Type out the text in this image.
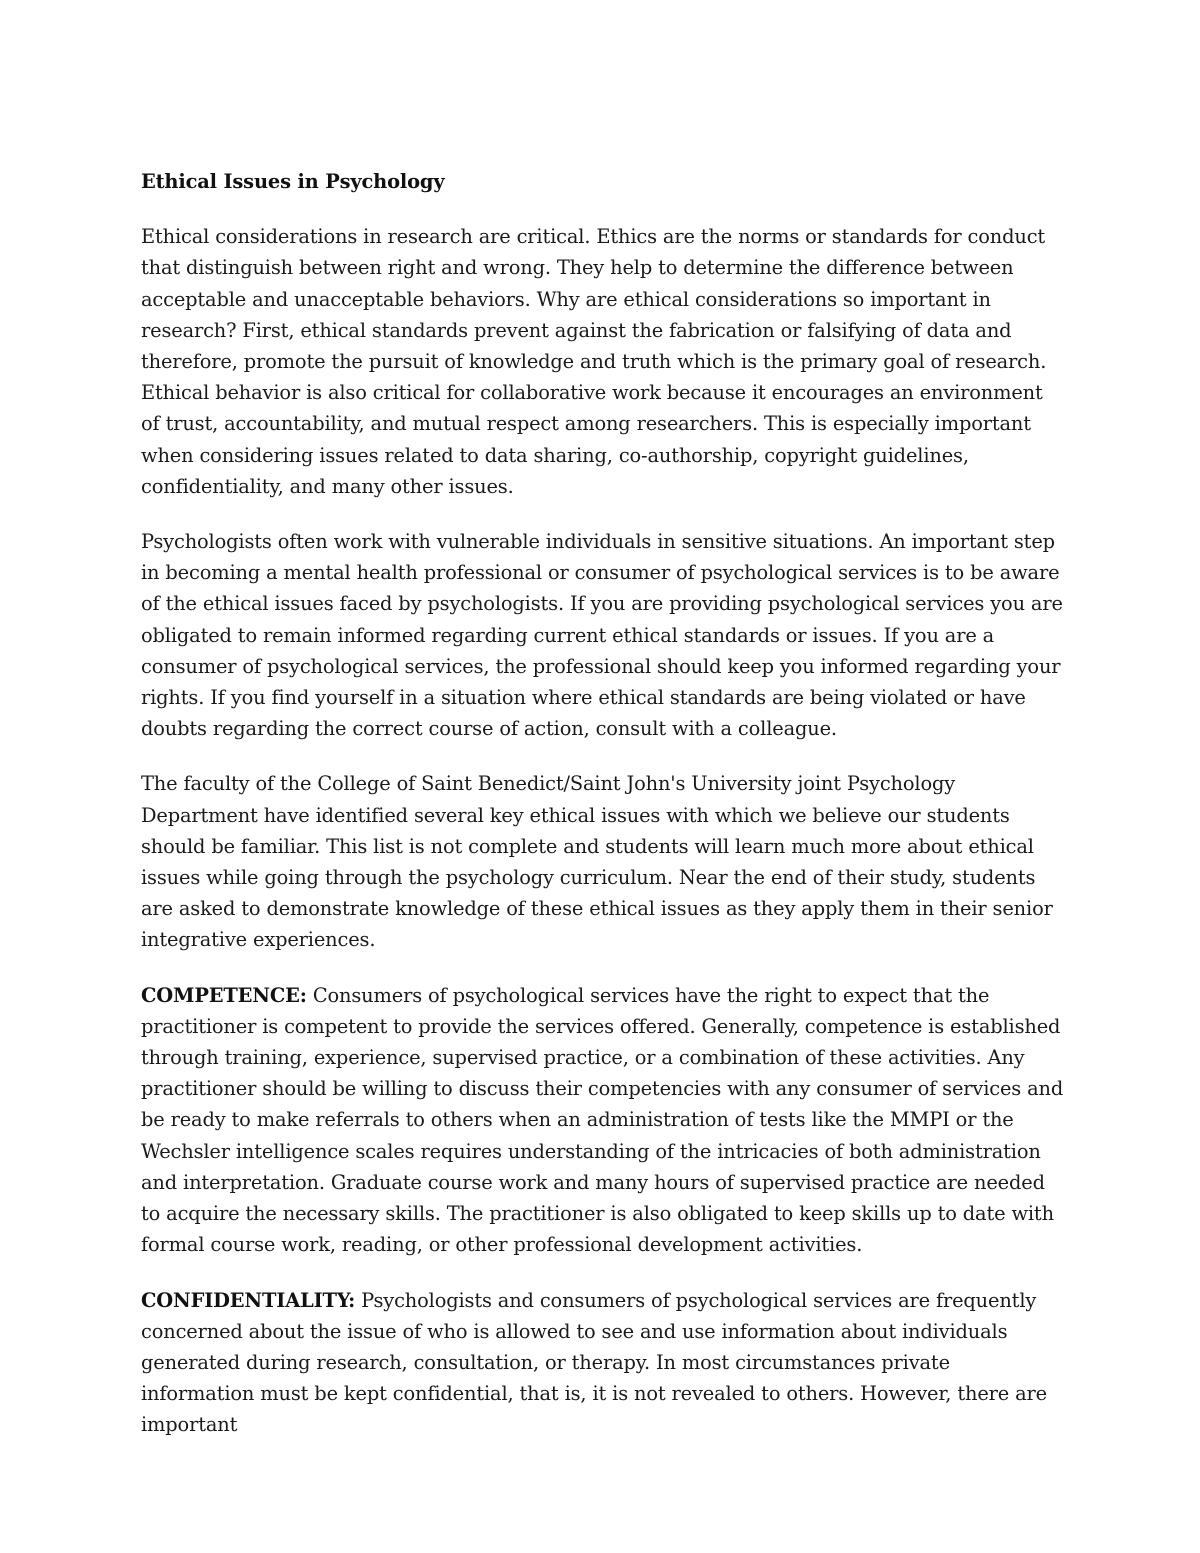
Ethical Issues in Psychology

Ethical considerations in research are critical. Ethics are the norms or standards for conduct that distinguish between right and wrong. They help to determine the difference between acceptable and unacceptable behaviors. Why are ethical considerations so important in research? First, ethical standards prevent against the fabrication or falsifying of data and therefore, promote the pursuit of knowledge and truth which is the primary goal of research. Ethical behavior is also critical for collaborative work because it encourages an environment of trust, accountability, and mutual respect among researchers. This is especially important when considering issues related to data sharing, co-authorship, copyright guidelines, confidentiality, and many other issues.

Psychologists often work with vulnerable individuals in sensitive situations. An important step in becoming a mental health professional or consumer of psychological services is to be aware of the ethical issues faced by psychologists. If you are providing psychological services you are obligated to remain informed regarding current ethical standards or issues. If you are a consumer of psychological services, the professional should keep you informed regarding your rights. If you find yourself in a situation where ethical standards are being violated or have doubts regarding the correct course of action, consult with a colleague.

The faculty of the College of Saint Benedict/Saint John's University joint Psychology Department have identified several key ethical issues with which we believe our students should be familiar. This list is not complete and students will learn much more about ethical issues while going through the psychology curriculum. Near the end of their study, students are asked to demonstrate knowledge of these ethical issues as they apply them in their senior integrative experiences.

COMPETENCE: Consumers of psychological services have the right to expect that the practitioner is competent to provide the services offered. Generally, competence is established through training, experience, supervised practice, or a combination of these activities. Any practitioner should be willing to discuss their competencies with any consumer of services and be ready to make referrals to others when an administration of tests like the MMPI or the Wechsler intelligence scales requires understanding of the intricacies of both administration and interpretation. Graduate course work and many hours of supervised practice are needed to acquire the necessary skills. The practitioner is also obligated to keep skills up to date with formal course work, reading, or other professional development activities.

CONFIDENTIALITY: Psychologists and consumers of psychological services are frequently concerned about the issue of who is allowed to see and use information about individuals generated during research, consultation, or therapy. In most circumstances private information must be kept confidential, that is, it is not revealed to others. However, there are important
